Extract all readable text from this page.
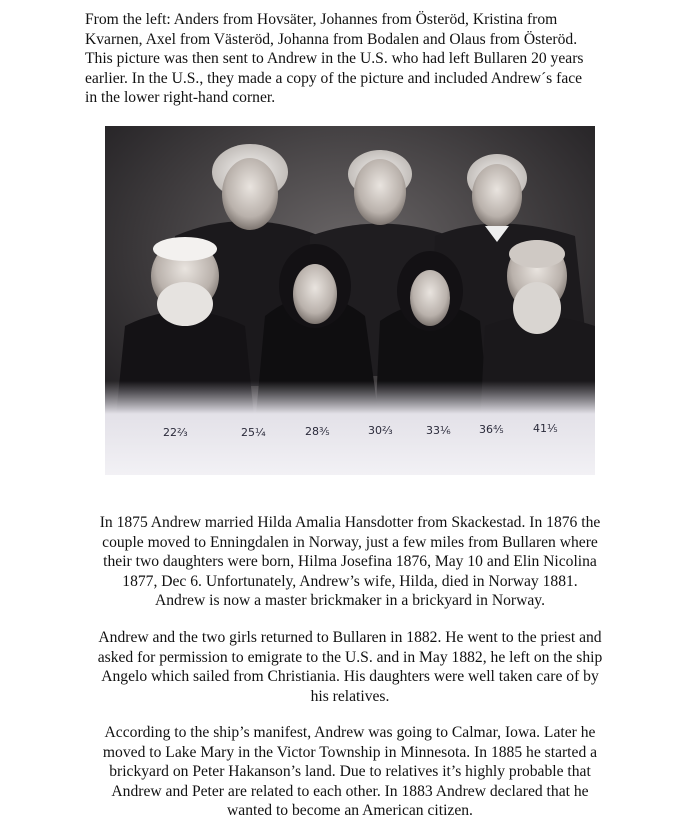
From the left: Anders from Hovsäter, Johannes from Österöd, Kristina from
Kvarnen, Axel from Västeröd, Johanna from Bodalen and Olaus from Österöd.
This picture was then sent to Andrew in the U.S. who had left Bullaren 20 years
earlier. In the U.S., they made a copy of the picture and included Andrew´s face
in the lower right-hand corner.
22⅔	25¼	28⅗	30⅔	33⅙	36⅘	41⅕
In 1875 Andrew married Hilda Amalia Hansdotter from Skackestad. In 1876 the
couple moved to Enningdalen in Norway, just a few miles from Bullaren where
their two daughters were born, Hilma Josefina 1876, May 10 and Elin Nicolina
1877, Dec 6. Unfortunately, Andrew’s wife, Hilda, died in Norway 1881.
Andrew is now a master brickmaker in a brickyard in Norway.
Andrew and the two girls returned to Bullaren in 1882. He went to the priest and
asked for permission to emigrate to the U.S. and in May 1882, he left on the ship
Angelo which sailed from Christiania. His daughters were well taken care of by
his relatives.
According to the ship’s manifest, Andrew was going to Calmar, Iowa. Later he
moved to Lake Mary in the Victor Township in Minnesota. In 1885 he started a
brickyard on Peter Hakanson’s land. Due to relatives it’s highly probable that
Andrew and Peter are related to each other. In 1883 Andrew declared that he
wanted to become an American citizen.
